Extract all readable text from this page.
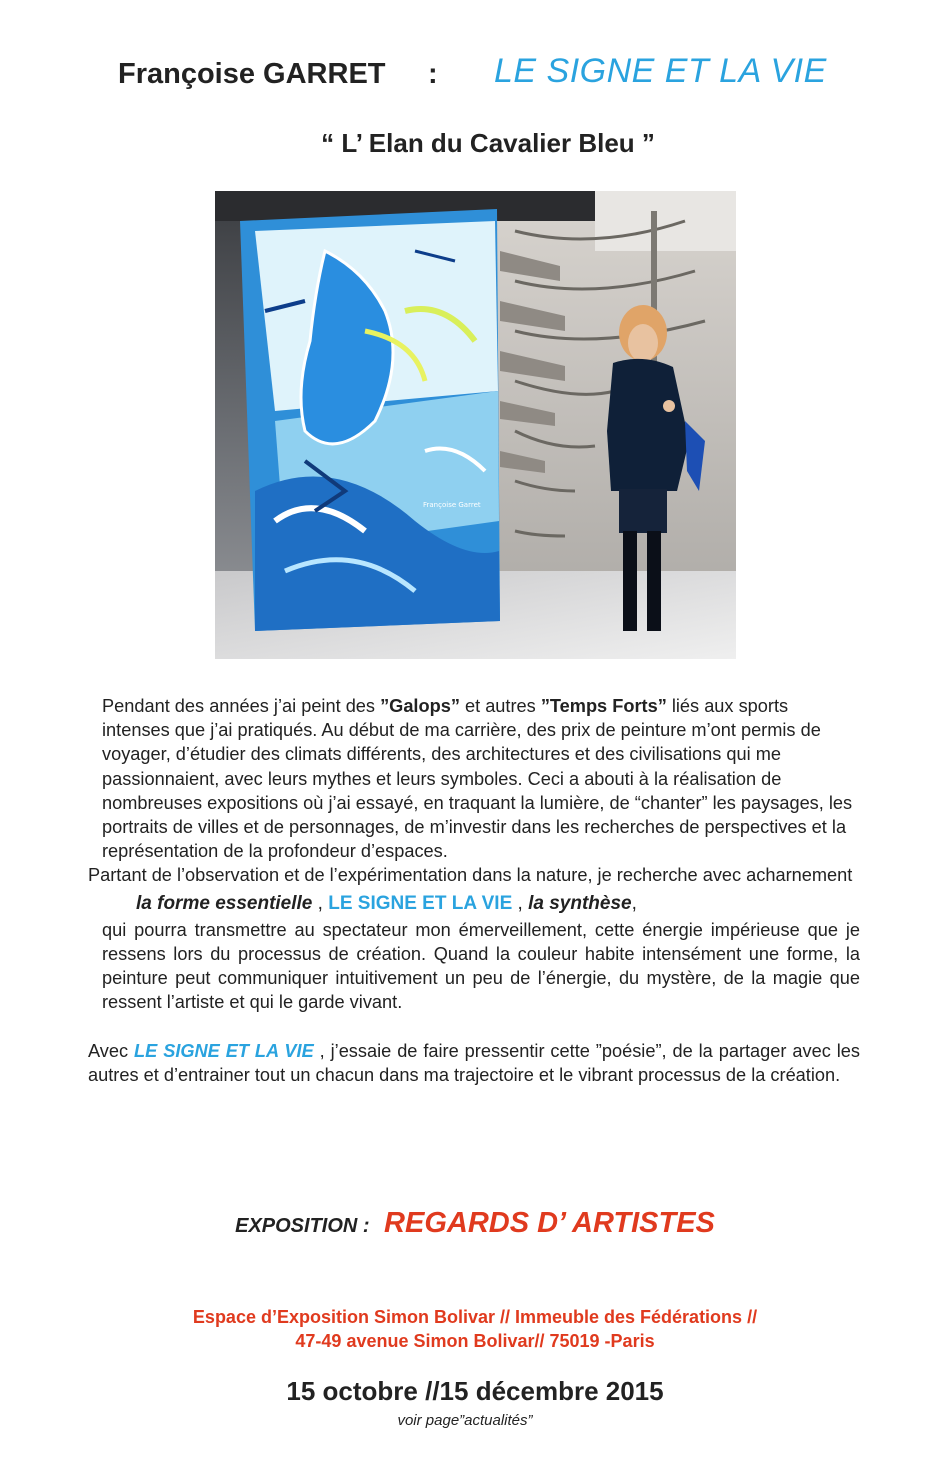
Françoise GARRET : LE SIGNE ET LA VIE
“ L’ Elan du Cavalier Bleu ”
Françoise Garret

Pendant des années j’ai peint des ”Galops” et autres ”Temps Forts” liés aux sports intenses que j’ai pratiqués. Au début de ma carrière, des prix de peinture m’ont permis de voyager, d’étudier des climats différents, des architectures et des civilisations qui me passionnaient, avec leurs mythes et leurs symboles. Ceci a abouti à la réalisation de nombreuses expositions où j’ai essayé, en traquant la lumière, de “chanter” les paysages, les portraits de villes et de personnages, de m’investir dans les recherches de perspectives et la représentation de la profondeur d’espaces.

Partant de l’observation et de l’expérimentation dans la nature, je recherche avec acharnement

la forme essentielle , LE SIGNE ET LA VIE , la synthèse,

qui pourra transmettre au spectateur mon émerveillement, cette énergie impérieuse que je ressens lors du processus de création. Quand la couleur habite intensément une forme, la peinture peut communiquer intuitivement un peu de l’énergie, du mystère, de la magie que ressent l’artiste et qui le garde vivant.

Avec LE SIGNE ET LA VIE , j’essaie de faire pressentir cette ”poésie”, de la partager avec les autres et d’entrainer tout un chacun dans ma trajectoire et le vibrant processus de la création.

EXPOSITION : REGARDS D’ ARTISTES
Espace d’Exposition Simon Bolivar // Immeuble des Fédérations //
47-49 avenue Simon Bolivar// 75019 -Paris
15 octobre //15 décembre 2015
voir page”actualités”
